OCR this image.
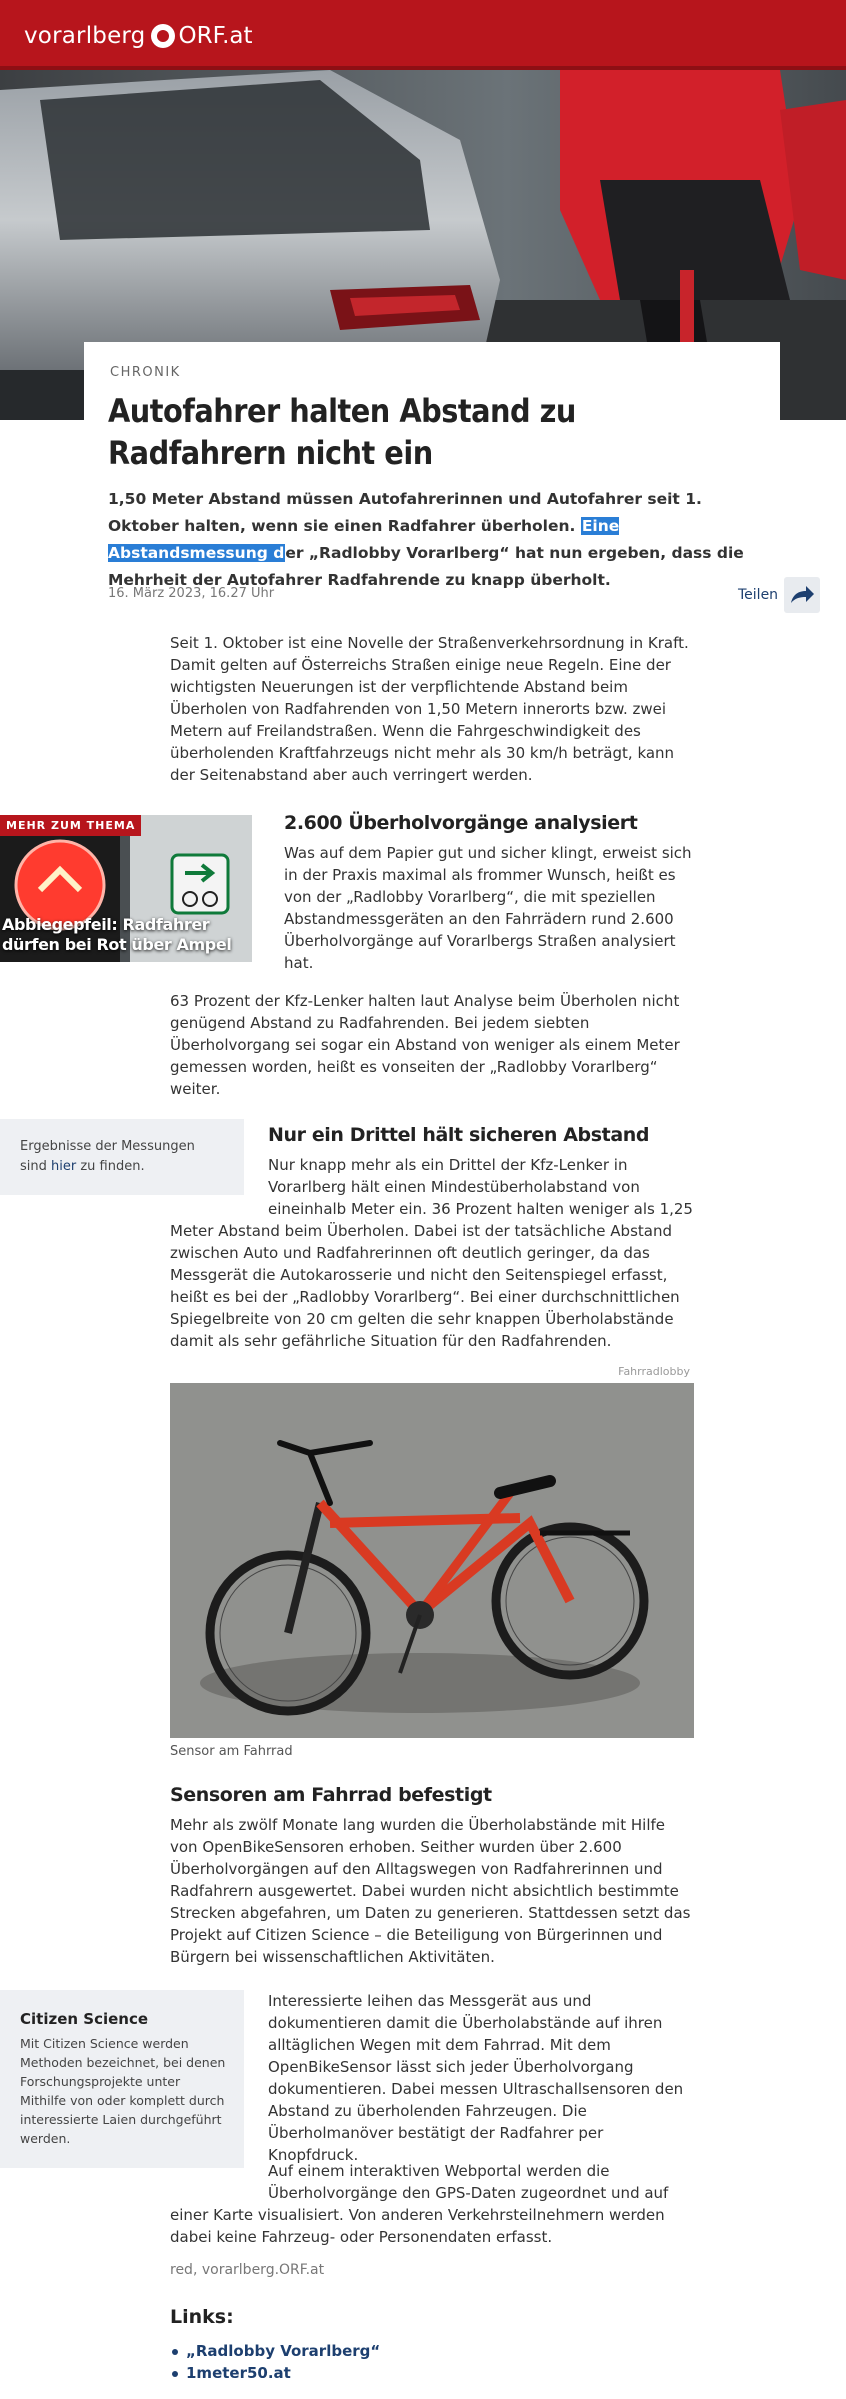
vorarlberg ORF.at
CHRONIK
Autofahrer halten Abstand zu Radfahrern nicht ein

1,50 Meter Abstand müssen Autofahrerinnen und Autofahrer seit 1. Oktober halten, wenn sie einen Radfahrer überholen. Eine Abstandsmessung der „Radlobby Vorarlberg“ hat nun ergeben, dass die Mehrheit der Autofahrer Radfahrende zu knapp überholt.

16. März 2023, 16.27 Uhr	Teilen

Seit 1. Oktober ist eine Novelle der Straßenverkehrsordnung in Kraft. Damit gelten auf Österreichs Straßen einige neue Regeln. Eine der wichtigsten Neuerungen ist der verpflichtende Abstand beim Überholen von Radfahrenden von 1,50 Metern innerorts bzw. zwei Metern auf Freilandstraßen. Wenn die Fahrgeschwindigkeit des überholenden Kraftfahrzeugs nicht mehr als 30 km/h beträgt, kann der Seitenabstand aber auch verringert werden.

MEHR ZUM THEMA
Abbiegepfeil: Radfahrer dürfen bei Rot über Ampel
2.600 Überholvorgänge analysiert

Was auf dem Papier gut und sicher klingt, erweist sich in der Praxis maximal als frommer Wunsch, heißt es von der „Radlobby Vorarlberg“, die mit speziellen Abstandmessgeräten an den Fahrrädern rund 2.600 Überholvorgänge auf Vorarlbergs Straßen analysiert hat.

63 Prozent der Kfz-Lenker halten laut Analyse beim Überholen nicht genügend Abstand zu Radfahrenden. Bei jedem siebten Überholvorgang sei sogar ein Abstand von weniger als einem Meter gemessen worden, heißt es vonseiten der „Radlobby Vorarlberg“ weiter.

Ergebnisse der Messungen sind hier zu finden.

Nur ein Drittel hält sicheren Abstand

Nur knapp mehr als ein Drittel der Kfz-Lenker in Vorarlberg hält einen Mindestüberholabstand von eineinhalb Meter ein. 36 Prozent halten weniger als 1,25

Meter Abstand beim Überholen. Dabei ist der tatsächliche Abstand zwischen Auto und Radfahrerinnen oft deutlich geringer, da das Messgerät die Autokarosserie und nicht den Seitenspiegel erfasst, heißt es bei der „Radlobby Vorarlberg“. Bei einer durchschnittlichen Spiegelbreite von 20 cm gelten die sehr knappen Überholabstände damit als sehr gefährliche Situation für den Radfahrenden.

Fahrradlobby
Sensor am Fahrrad
Sensoren am Fahrrad befestigt

Mehr als zwölf Monate lang wurden die Überholabstände mit Hilfe von OpenBikeSensoren erhoben. Seither wurden über 2.600 Überholvorgängen auf den Alltagswegen von Radfahrerinnen und Radfahrern ausgewertet. Dabei wurden nicht absichtlich bestimmte Strecken abgefahren, um Daten zu generieren. Stattdessen setzt das Projekt auf Citizen Science – die Beteiligung von Bürgerinnen und Bürgern bei wissenschaftlichen Aktivitäten.

Citizen Science

Mit Citizen Science werden Methoden bezeichnet, bei denen Forschungsprojekte unter Mithilfe von oder komplett durch interessierte Laien durchgeführt werden.

Interessierte leihen das Messgerät aus und dokumentieren damit die Überholabstände auf ihren alltäglichen Wegen mit dem Fahrrad. Mit dem OpenBikeSensor lässt sich jeder Überholvorgang dokumentieren. Dabei messen Ultraschallsensoren den Abstand zu überholenden Fahrzeugen. Die Überholmanöver bestätigt der Radfahrer per Knopfdruck.

Auf einem interaktiven Webportal werden die Überholvorgänge den GPS-Daten zugeordnet und auf

einer Karte visualisiert. Von anderen Verkehrsteilnehmern werden dabei keine Fahrzeug- oder Personendaten erfasst.

red, vorarlberg.ORF.at
Links:
„Radlobby Vorarlberg“
1meter50.at
